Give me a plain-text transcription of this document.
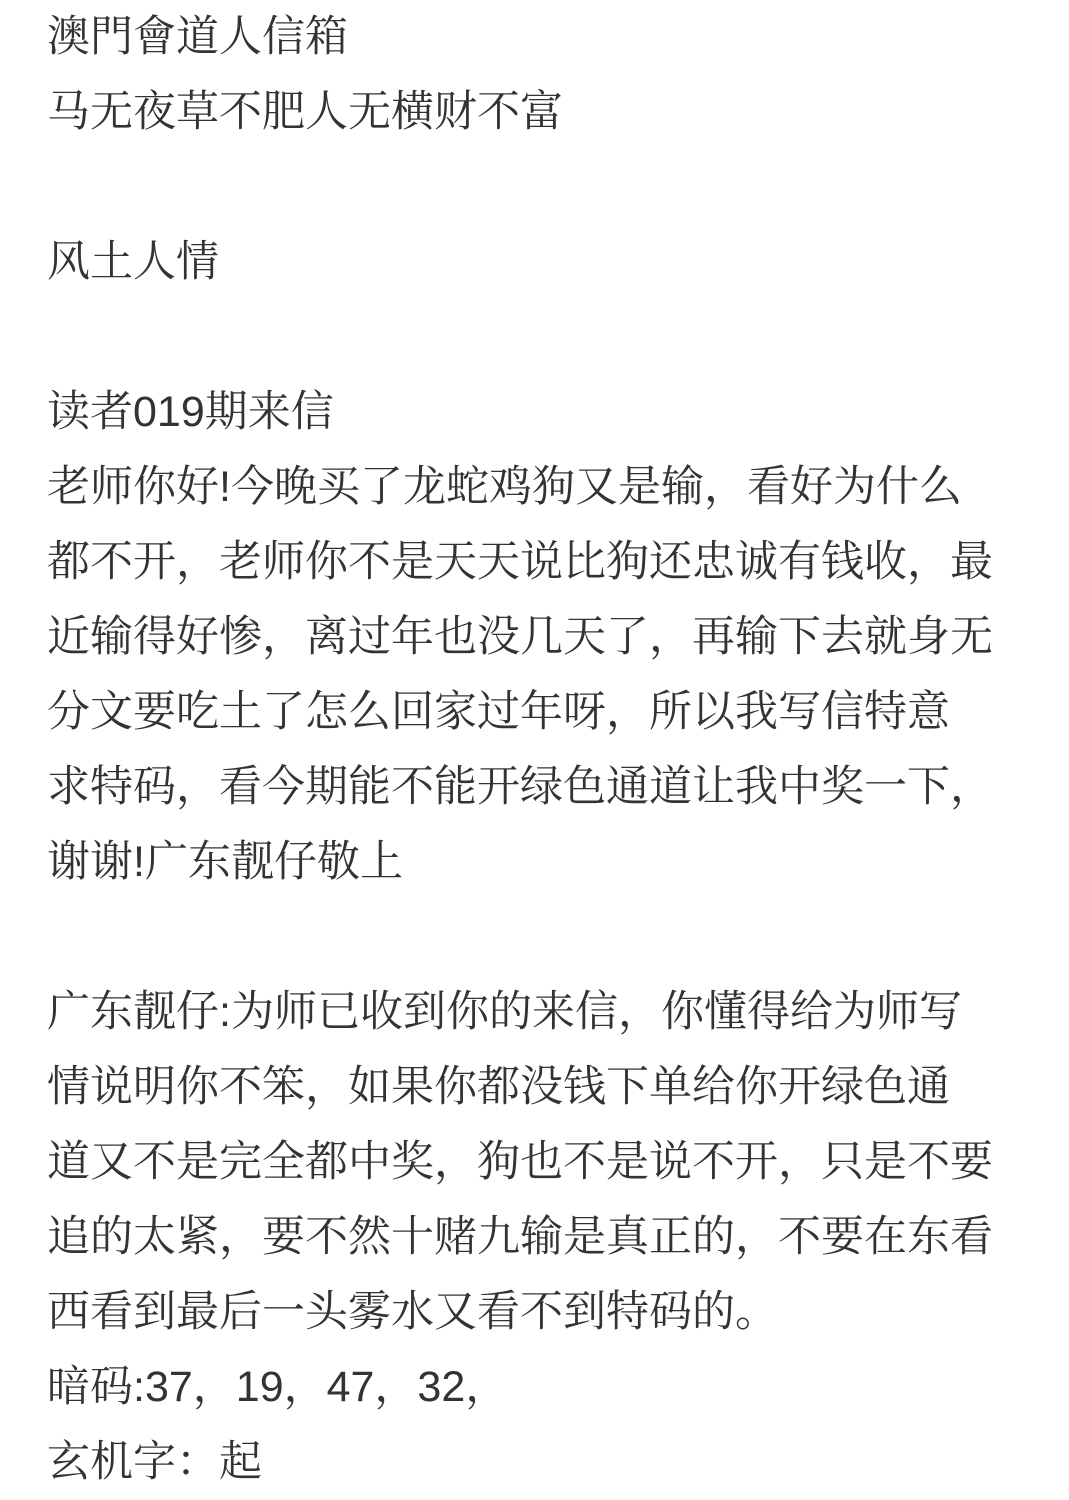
澳門會道人信箱
马无夜草不肥人无横财不富
风土人情
读者019期来信
老师你好!今晚买了龙蛇鸡狗又是输，看好为什么
都不开，老师你不是天天说比狗还忠诚有钱收，最
近输得好惨，离过年也没几天了，再输下去就身无
分文要吃土了怎么回家过年呀，所以我写信特意
求特码，看今期能不能开绿色通道让我中奖一下，
谢谢!广东靓仔敬上
广东靓仔:为师已收到你的来信，你懂得给为师写
情说明你不笨，如果你都没钱下单给你开绿色通
道又不是完全都中奖，狗也不是说不开，只是不要
追的太紧，要不然十赌九输是真正的，不要在东看
西看到最后一头雾水又看不到特码的。
暗码:37，19，47，32，
玄机字：起
